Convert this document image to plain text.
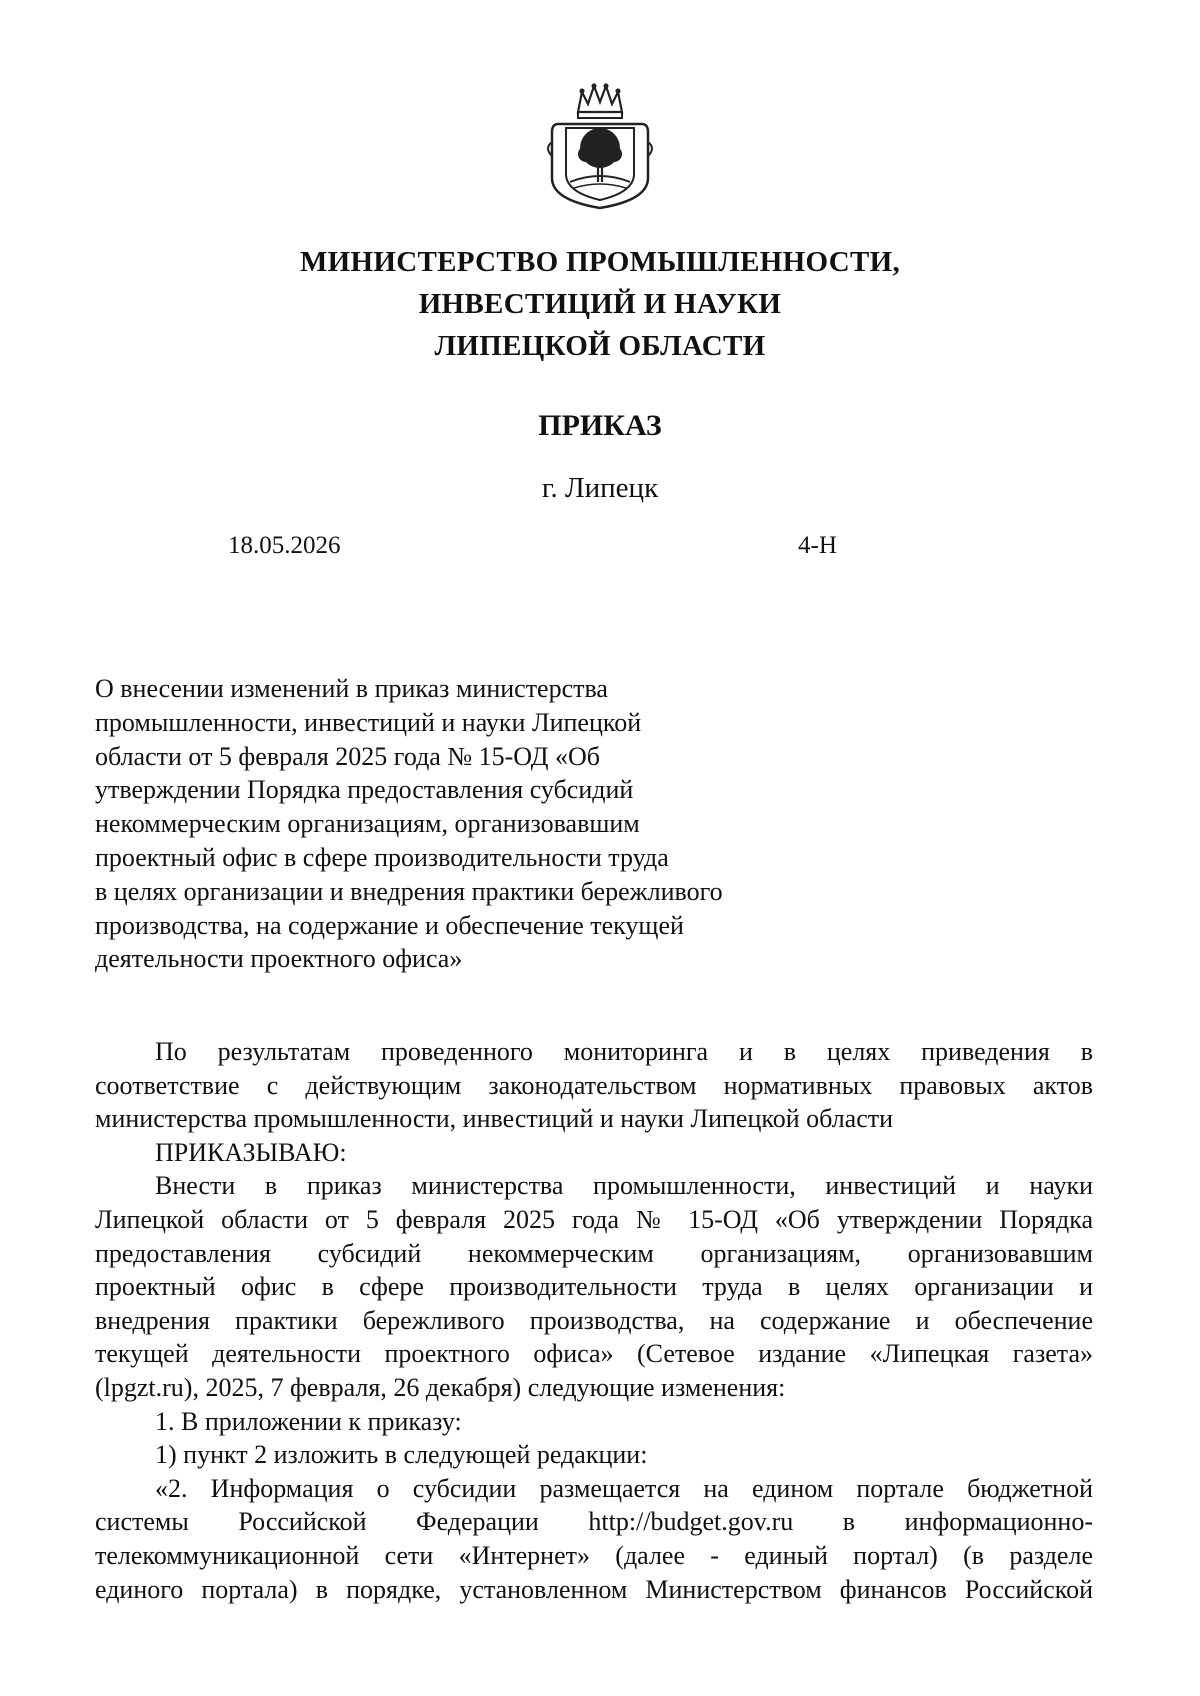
МИНИСТЕРСТВО ПРОМЫШЛЕННОСТИ,
ИНВЕСТИЦИЙ И НАУКИ
ЛИПЕЦКОЙ ОБЛАСТИ
ПРИКАЗ
г. Липецк
18.05.2026	4-Н
О внесении изменений в приказ министерства
промышленности, инвестиций и науки Липецкой
области от 5 февраля 2025 года № 15-ОД «Об
утверждении Порядка предоставления субсидий
некоммерческим организациям, организовавшим
проектный офис в сфере производительности труда
в целях организации и внедрения практики бережливого
производства, на содержание и обеспечение текущей
деятельности проектного офиса»
По результатам проведенного мониторинга и в целях приведения в
соответствие с действующим законодательством нормативных правовых актов
министерства промышленности, инвестиций и науки Липецкой области
ПРИКАЗЫВАЮ:
Внести в приказ министерства промышленности, инвестиций и науки
Липецкой области от 5 февраля 2025 года № 15-ОД «Об утверждении Порядка
предоставления субсидий некоммерческим организациям, организовавшим
проектный офис в сфере производительности труда в целях организации и
внедрения практики бережливого производства, на содержание и обеспечение
текущей деятельности проектного офиса» (Сетевое издание «Липецкая газета»
(lpgzt.ru), 2025, 7 февраля, 26 декабря) следующие изменения:
1. В приложении к приказу:
1) пункт 2 изложить в следующей редакции:
«2. Информация о субсидии размещается на едином портале бюджетной
системы Российской Федерации http://budget.gov.ru в информационно-
телекоммуникационной сети «Интернет» (далее - единый портал) (в разделе
единого портала) в порядке, установленном Министерством финансов Российской
